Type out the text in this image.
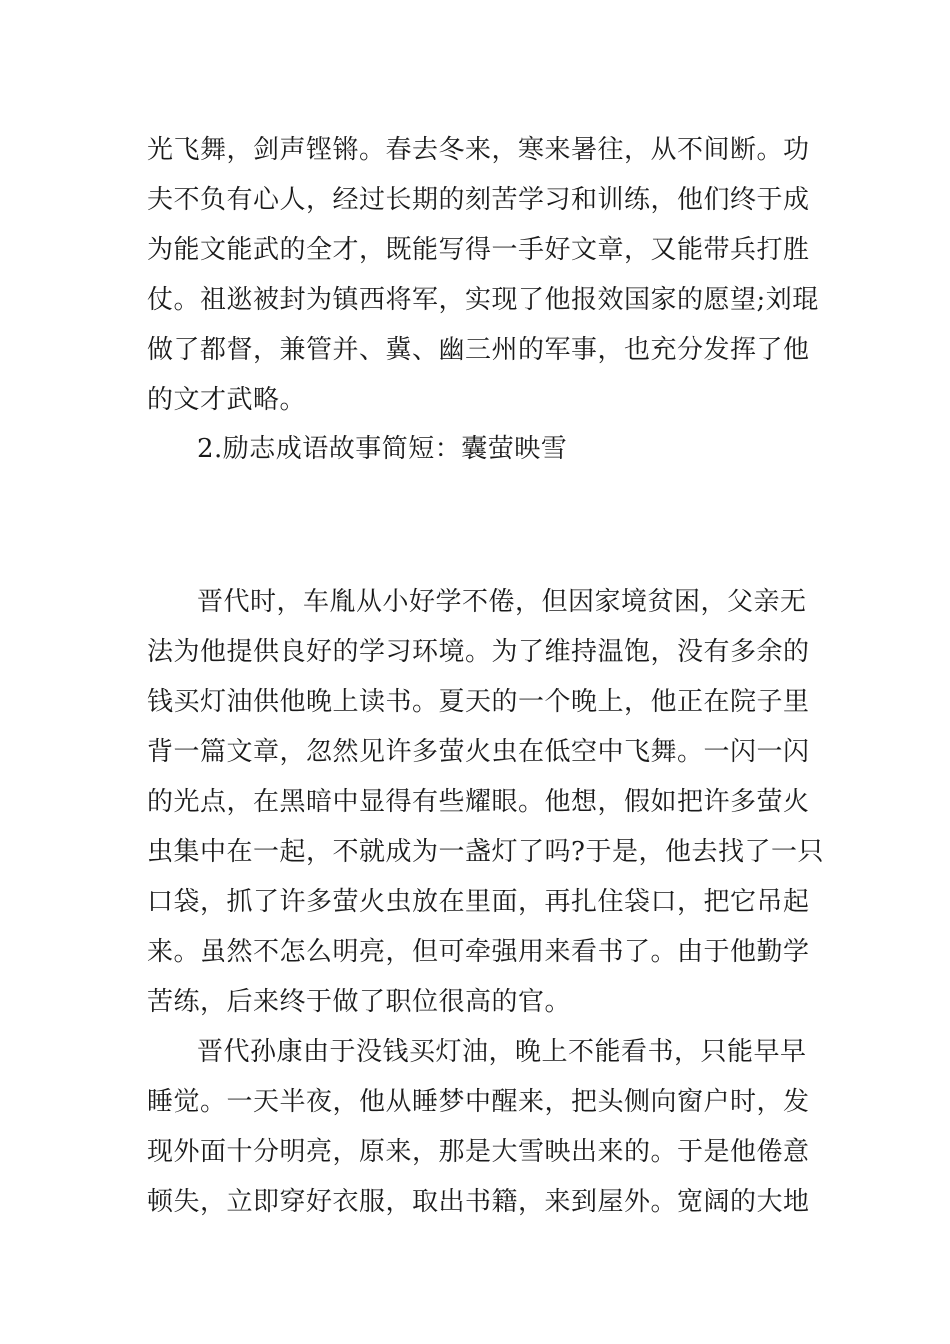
光飞舞，剑声铿锵。春去冬来，寒来暑往，从不间断。功
夫不负有心人，经过长期的刻苦学习和训练，他们终于成
为能文能武的全才，既能写得一手好文章，又能带兵打胜
仗。祖逖被封为镇西将军，实现了他报效国家的愿望;刘琨
做了都督，兼管并、冀、幽三州的军事，也充分发挥了他
的文才武略。
2.励志成语故事简短：囊萤映雪
晋代时，车胤从小好学不倦，但因家境贫困，父亲无
法为他提供良好的学习环境。为了维持温饱，没有多余的
钱买灯油供他晚上读书。夏天的一个晚上，他正在院子里
背一篇文章，忽然见许多萤火虫在低空中飞舞。一闪一闪
的光点，在黑暗中显得有些耀眼。他想，假如把许多萤火
虫集中在一起，不就成为一盏灯了吗?于是，他去找了一只
口袋，抓了许多萤火虫放在里面，再扎住袋口，把它吊起
来。虽然不怎么明亮，但可牵强用来看书了。由于他勤学
苦练，后来终于做了职位很高的官。
晋代孙康由于没钱买灯油，晚上不能看书，只能早早
睡觉。一天半夜，他从睡梦中醒来，把头侧向窗户时，发
现外面十分明亮，原来，那是大雪映出来的。于是他倦意
顿失，立即穿好衣服，取出书籍，来到屋外。宽阔的大地
